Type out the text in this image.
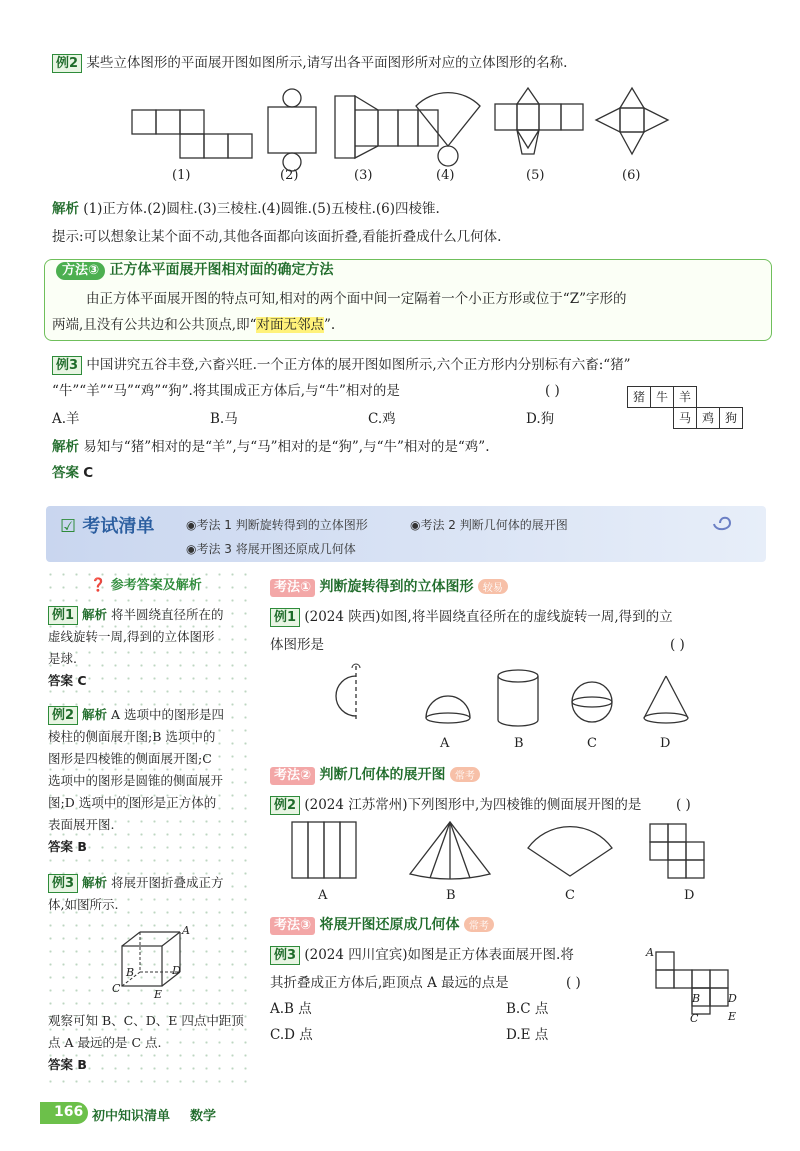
例2 某些立体图形的平面展开图如图所示,请写出各平面图形所对应的立体图形的名称.
(1)	(2)	(3)	(4)	(5)	(6)
解析 (1)正方体.(2)圆柱.(3)三棱柱.(4)圆锥.(5)五棱柱.(6)四棱锥.
提示:可以想象让某个面不动,其他各面都向该面折叠,看能折叠成什么几何体.
方法③ 正方体平面展开图相对面的确定方法
由正方体平面展开图的特点可知,相对的两个面中间一定隔着一个小正方形或位于“Z”字形的
两端,且没有公共边和公共顶点,即“对面无邻点”.
例3 中国讲究五谷丰登,六畜兴旺.一个正方体的展开图如图所示,六个正方形内分别标有六畜:“猪”
“牛”“羊”“马”“鸡”“狗”.将其围成正方体后,与“牛”相对的是	( )	猪 牛 羊
马 鸡 狗
A.羊	B.马	C.鸡	D.狗
解析 易知与“猪”相对的是“羊”,与“马”相对的是“狗”,与“牛”相对的是“鸡”.
答案 C
☑ 考试清单	◉考法 1 判断旋转得到的立体图形	◉考法 2 判断几何体的展开图
◉考法 3 将展开图还原成几何体
❓ 参考答案及解析
例1 解析 将半圆绕直径所在的
虚线旋转一周,得到的立体图形
是球.
答案 C
例2 解析 A 选项中的图形是四
棱柱的侧面展开图;B 选项中的
图形是四棱锥的侧面展开图;C
选项中的图形是圆锥的侧面展开
图;D 选项中的图形是正方体的
表面展开图.
答案 B
例3 解析 将展开图折叠成正方
体,如图所示.
A
B	D
C	E
观察可知 B、C、D、E 四点中距顶
点 A 最远的是 C 点.
答案 B
考法① 判断旋转得到的立体图形 较易
例1 (2024 陕西)如图,将半圆绕直径所在的虚线旋转一周,得到的立
体图形是	( )
A	B	C	D
考法② 判断几何体的展开图 常考
例2 (2024 江苏常州)下列图形中,为四棱锥的侧面展开图的是	( )
A	B	C	D
考法③ 将展开图还原成几何体 常考
例3 (2024 四川宜宾)如图是正方体表面展开图.将
其折叠成正方体后,距顶点 A 最远的点是	( )
A
B	D
C	E
A.B 点	B.C 点
C.D 点	D.E 点
166 初中知识清单 数学
